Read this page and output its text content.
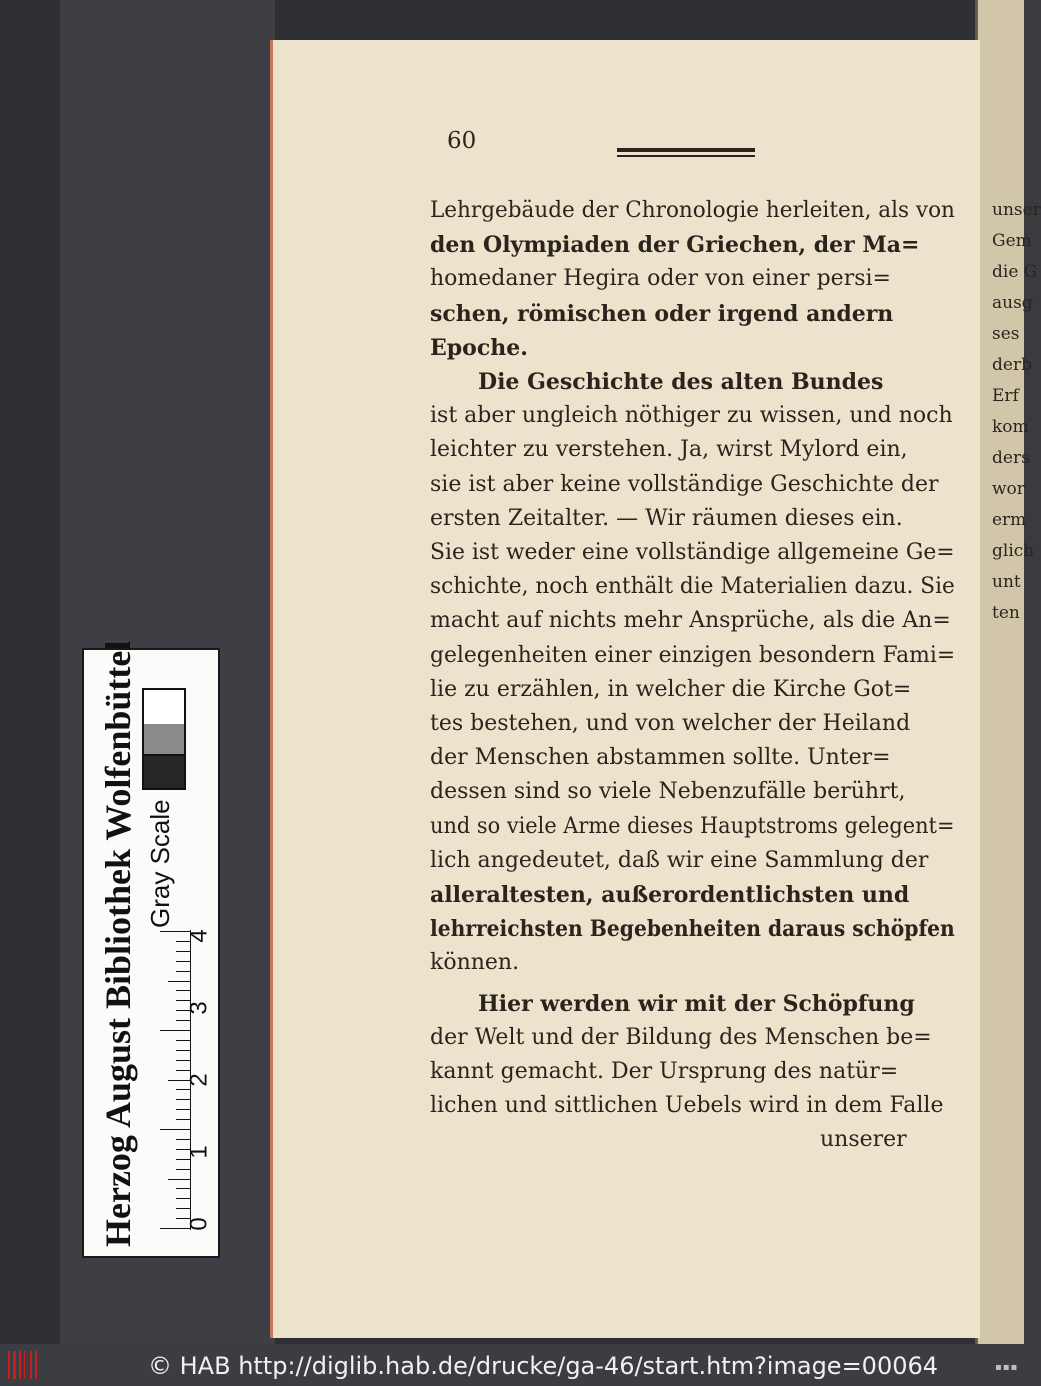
unser
Gem
die G
ausg
ses
derb
Erf
kom
ders
wor
erm
glich
unt
ten
60
Lehrgebäude der Chronologie herleiten, als von
den Olympiaden der Griechen, der Ma=
homedaner Hegira oder von einer persi=
schen, römischen oder irgend andern
Epoche.
Die Geschichte des alten Bundes
ist aber ungleich nöthiger zu wissen, und noch
leichter zu verstehen. Ja, wirst Mylord ein,
sie ist aber keine vollständige Geschichte der
ersten Zeitalter. — Wir räumen dieses ein.
Sie ist weder eine vollständige allgemeine Ge=
schichte, noch enthält die Materialien dazu. Sie
macht auf nichts mehr Ansprüche, als die An=
gelegenheiten einer einzigen besondern Fami=
lie zu erzählen, in welcher die Kirche Got=
tes bestehen, und von welcher der Heiland
der Menschen abstammen sollte. Unter=
dessen sind so viele Nebenzufälle berührt,
und so viele Arme dieses Hauptstroms gelegent=
lich angedeutet, daß wir eine Sammlung der
alleraltesten, außerordentlichsten und
lehrreichsten Begebenheiten daraus schöpfen
können.
Hier werden wir mit der Schöpfung
der Welt und der Bildung des Menschen be=
kannt gemacht. Der Ursprung des natür=
lichen und sittlichen Uebels wird in dem Falle
unserer
Herzog August Bibliothek Wolfenbüttel Gray Scale
0
1
2
3
4
© HAB http://diglib.hab.de/drucke/ga-46/start.htm?image=00064	▪▪▪
